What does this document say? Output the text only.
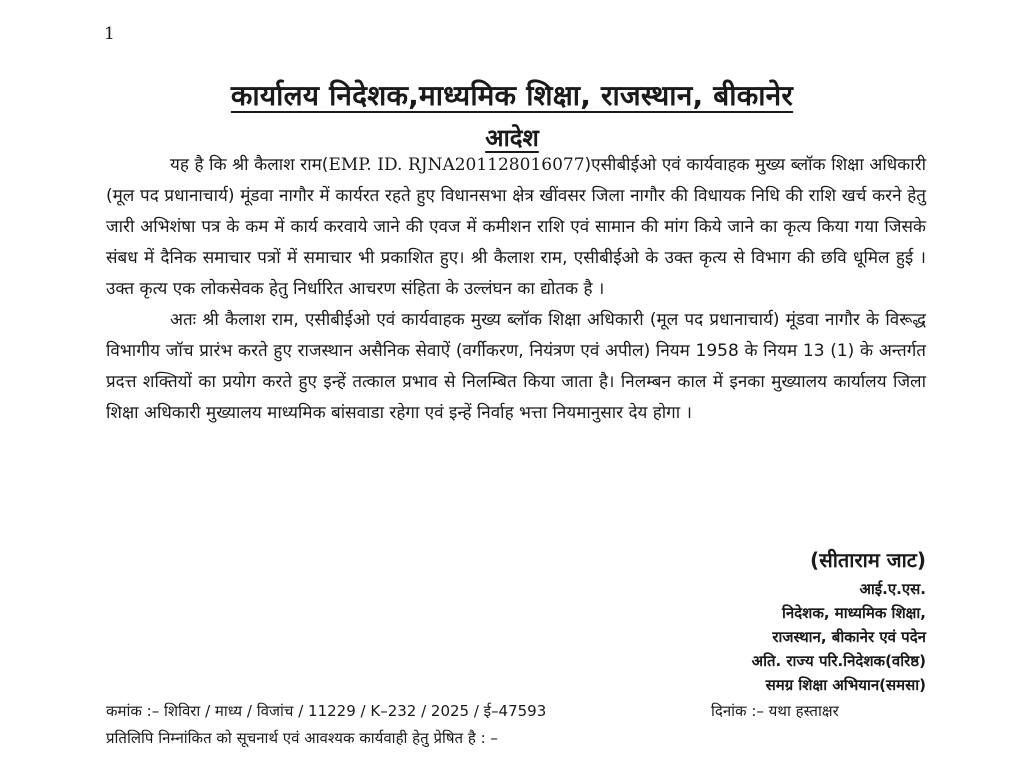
1
कार्यालय निदेशक,माध्यमिक शिक्षा, राजस्थान, बीकानेर
आदेश

यह है कि श्री कैलाश राम(EMP. ID. RJNA201128016077)एसीबीईओ एवं कार्यवाहक मुख्य ब्लॉक शिक्षा अधिकारी (मूल पद प्रधानाचार्य) मूंडवा नागौर में कार्यरत रहते हुए विधानसभा क्षेत्र खींवसर जिला नागौर की विधायक निधि की राशि खर्च करने हेतु जारी अभिशंषा पत्र के कम में कार्य करवाये जाने की एवज में कमीशन राशि एवं सामान की मांग किये जाने का कृत्य किया गया जिसके संबध में दैनिक समाचार पत्रों में समाचार भी प्रकाशित हुए। श्री कैलाश राम, एसीबीईओ के उक्त कृत्य से विभाग की छवि धूमिल हुई । उक्त कृत्य एक लोकसेवक हेतु निर्धारित आचरण संहिता के उल्लंघन का द्योतक है ।

अतः श्री कैलाश राम, एसीबीईओ एवं कार्यवाहक मुख्य ब्लॉक शिक्षा अधिकारी (मूल पद प्रधानाचार्य) मूंडवा नागौर के विरूद्ध विभागीय जॉच प्रारंभ करते हुए राजस्थान असैनिक सेवाऐं (वर्गीकरण, नियंत्रण एवं अपील) नियम 1958 के नियम 13 (1) के अन्तर्गत प्रदत्त शक्तियों का प्रयोग करते हुए इन्हें तत्काल प्रभाव से निलम्बित किया जाता है। निलम्बन काल में इनका मुख्यालय कार्यालय जिला शिक्षा अधिकारी मुख्यालय माध्यमिक बांसवाडा रहेगा एवं इन्हें निर्वाह भत्ता नियमानुसार देय होगा ।

(सीताराम जाट)
आई.ए.एस.
निदेशक, माध्यमिक शिक्षा,
राजस्थान, बीकानेर एवं पदेन
अति. राज्य परि.निदेशक(वरिष्ठ)
समग्र शिक्षा अभियान(समसा)
कमांक :– शिविरा / माध्य / विजांच / 11229 / K–232 / 2025 / ई–47593	दिनांक :– यथा हस्ताक्षर
प्रतिलिपि निम्नांकित को सूचनार्थ एवं आवश्यक कार्यवाही हेतु प्रेषित है : –
